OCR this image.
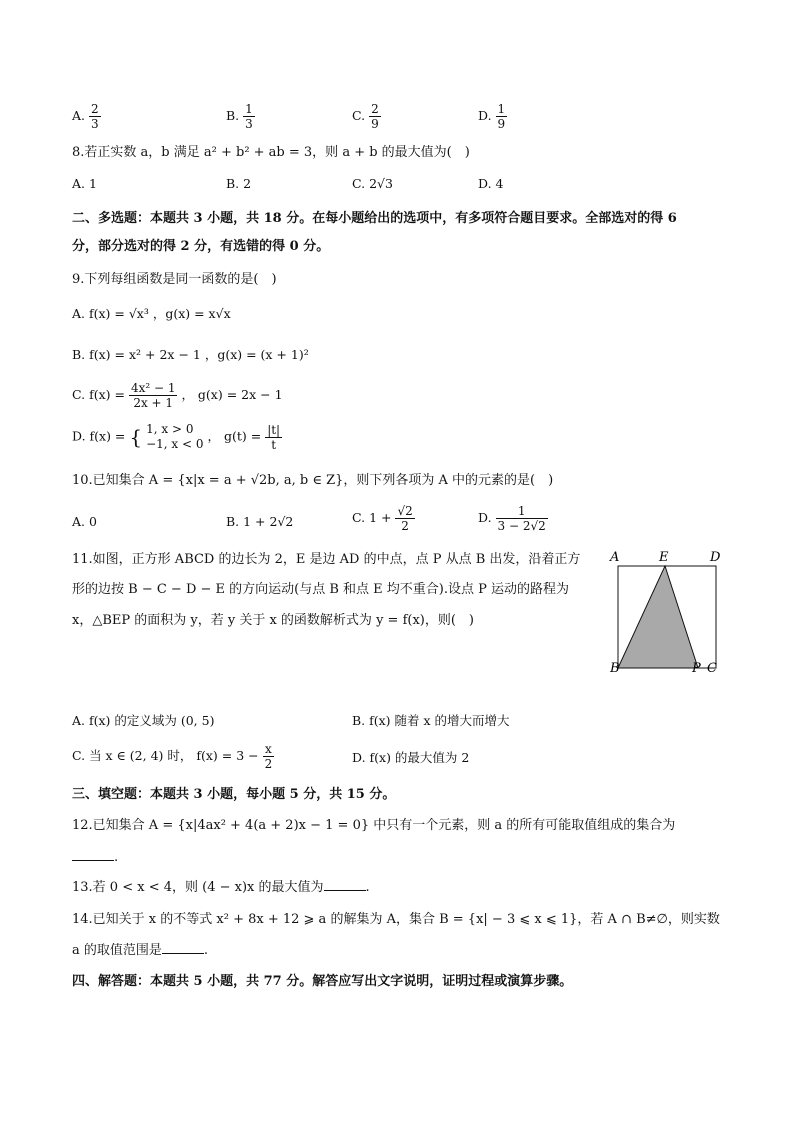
A. $\frac{2}{3}$	B. $\frac{1}{3}$	C. $\frac{2}{9}$	D. $\frac{1}{9}$
8.若正实数 a，b 满足 a² + b² + ab = 3，则 a + b 的最大值为(　)
A. 1	B. 2	C. 2√3	D. 4
二、多选题：本题共 3 小题，共 18 分。在每小题给出的选项中，有多项符合题目要求。全部选对的得 6
分，部分选对的得 2 分，有选错的得 0 分。
9.下列每组函数是同一函数的是(　)
A. f(x) = √x³ ，g(x) = x√x
B. f(x) = x² + 2x − 1 ，g(x) = (x + 1)²
C. $f(x) = \frac{\text{4x² − 1}}{2x + 1}$ ， g(x) = 2x − 1
D. f(x) = { 1, x > 0
−1, x < 0
， $g(t) = \frac{|t|}{t}$
10.已知集合 A = {x|x = a + √2b, a, b ∈ Z}，则下列各项为 A 中的元素的是(　)
A. 0	B. 1 + 2√2	C. $1 + \frac{√2}{2}$	D. $\frac{1}{3 - 2√2}$
11.如图，正方形 ABCD 的边长为 2，E 是边 AD 的中点，点 P 从点 B 出发，沿着正方
形的边按 B − C − D − E 的方向运动(与点 B 和点 E 均不重合).设点 P 运动的路程为
x，△BEP 的面积为 y，若 y 关于 x 的函数解析式为 y = f(x)，则(　)
A	E	D
B	P C
A. f(x) 的定义域为 (0, 5)	B. f(x) 随着 x 的增大而增大
C. 当 x ∈ (2, 4) 时， $f(x) = 3 - \frac{x}{2}$	D. f(x) 的最大值为 2
三、填空题：本题共 3 小题，每小题 5 分，共 15 分。
12.已知集合 A = {x|4ax² + 4(a + 2)x − 1 = 0} 中只有一个元素，则 a 的所有可能取值组成的集合为
.
13.若 0 < x < 4，则 (4 − x)x 的最大值为	.
14.已知关于 x 的不等式 x² + 8x + 12 ⩾ a 的解集为 A，集合 B = {x| − 3 ⩽ x ⩽ 1}，若 A ∩ B≠∅，则实数
a 的取值范围是	.
四、解答题：本题共 5 小题，共 77 分。解答应写出文字说明，证明过程或演算步骤。
